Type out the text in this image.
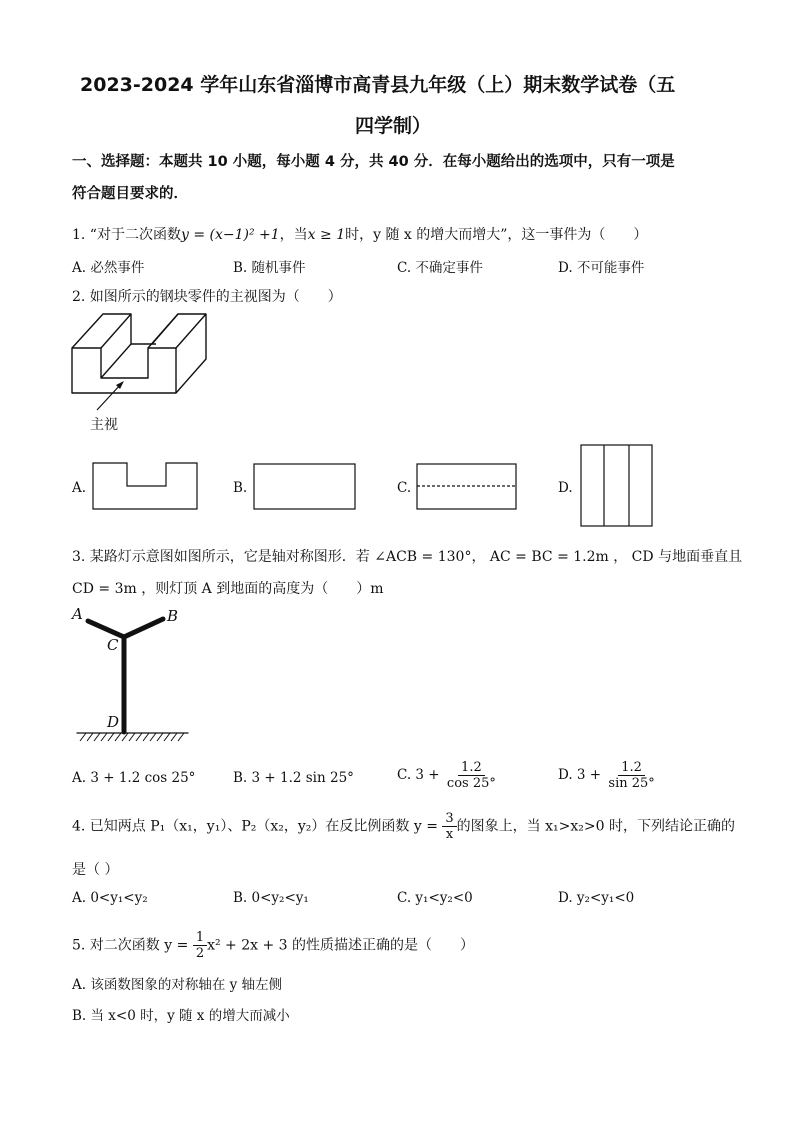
2023-2024 学年山东省淄博市高青县九年级（上）期末数学试卷（五
四学制）
一、选择题：本题共 10 小题，每小题 4 分，共 40 分．在每小题给出的选项中，只有一项是
符合题目要求的．
1. “对于二次函数y = (x−1)² +1，当x ≥ 1时，y 随 x 的增大而增大”，这一事件为（　　）
A. 必然事件	B. 随机事件	C. 不确定事件	D. 不可能事件
2. 如图所示的钢块零件的主视图为（　　）
主视
A.	B.	C.	D.
3. 某路灯示意图如图所示，它是轴对称图形．若 ∠ACB = 130°， AC = BC = 1.2m ， CD 与地面垂直且
CD = 3m ，则灯顶 A 到地面的高度为（　　）m
A	B
C
D
A. 3 + 1.2 cos 25°	B. 3 + 1.2 sin 25°	C. $3 + \frac{1.2}{\cos 25^\circ}$	D. $3 + \frac{1.2}{\sin 25^\circ}$
4. 已知两点 P₁（x₁，y₁）、P₂（x₂，y₂）在反比例函数 $y = \frac{3}{x}$ 的图象上，当 x₁>x₂>0 时，下列结论正确的
是（ ）
A. 0<y₁<y₂	B. 0<y₂<y₁	C. y₁<y₂<0	D. y₂<y₁<0
5. 对二次函数 $y = \frac{1}{2} x^2 + 2x + 3$ 的性质描述正确的是（　　）
A. 该函数图象的对称轴在 y 轴左侧
B. 当 x<0 时，y 随 x 的增大而减小
